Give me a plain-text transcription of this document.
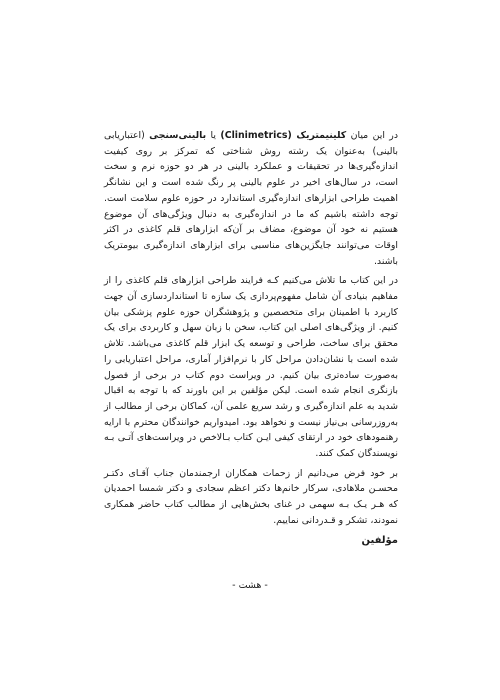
در این میان کلینیمتریک (Clinimetrics) یا بالینی‌سنجی (اعتباریابی بالینی) به‌عنوان یک رشته روش شناختی که تمرکز بر روی کیفیت اندازه‌گیری‌ها در تحقیقات و عملکرد بالینی در هر دو حوزه نرم و سخت است، در سال‌های اخیر در علوم بالینی پر رنگ شده است و این نشانگر اهمیت طراحی ابزارهای اندازه‌گیری استاندارد در حوزه علوم سلامت است. توجه داشته باشیم که ما در اندازه‌گیری به دنبال ویژگی‌های آن موضوع هستیم نه خود آن موضوع، مضاف بر آن‌که ابزارهای قلم کاغذی در اکثر اوقات می‌توانند جایگزین‌های مناسبی برای ابزارهای اندازه‌گیری بیومتریک باشند.

در این کتاب ما تلاش می‌کنیم کـه فرایند طراحی ابزارهای قلم کاغذی را از مفاهیم بنیادی آن شامل مفهوم‌پردازی یک سازه تا استانداردسازی آن جهت کاربرد با اطمینان برای متخصصین و پژوهشگران حوزه علوم پزشکی بیان کنیم. از ویژگی‌های اصلی این کتاب، سخن با زبان سهل و کاربردی برای یک محقق برای ساخت، طراحی و توسعه یک ابزار قلم کاغذی می‌باشد. تلاش شده است با نشان‌دادن مراحل کار با نرم‌افزار آماری، مراحل اعتباریابی را به‌صورت ساده‌تری بیان کنیم. در ویراست دوم کتاب در برخی از فصول بازنگری انجام شده است. لیکن مؤلفین بر این باورند که با توجه به اقبال شدید به علم اندازه‌گیری و رشد سریع علمی آن، کماکان برخی از مطالب از به‌روزرسانی بی‌نیاز نیست و نخواهد بود. امیدواریم خوانندگان محترم با ارایه رهنمودهای خود در ارتقای کیفی ایـن کتاب بـالاخص در ویراست‌های آتـی بـه نویسندگان کمک کنند.

بر خود فرض می‌دانیم از زحمات همکاران ارجمندمان جناب آقـای دکتـر محسـن ملاهادی، سرکار خانم‌ها دکتر اعظم سجادی و دکتر شمسا احمدیان که هـر یـک بـه سهمی در غنای بخش‌هایی از مطالب کتاب حاضر همکاری نمودند، تشکر و قـدردانی نماییم.

مؤلفین

- هشت -
